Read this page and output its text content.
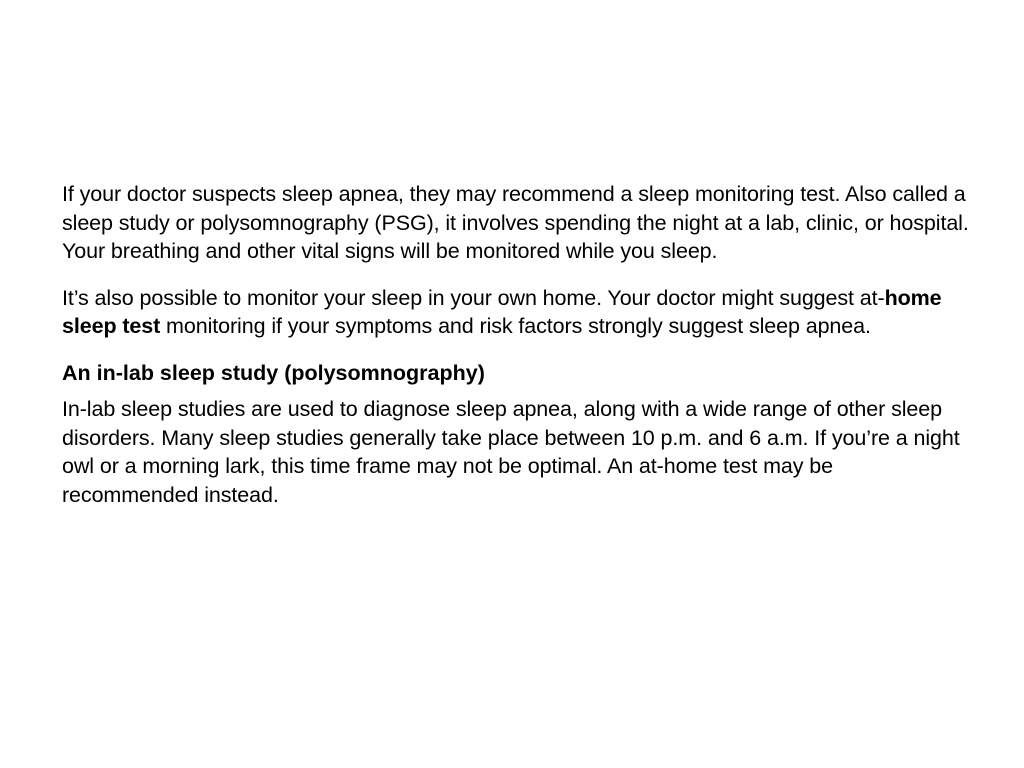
If your doctor suspects sleep apnea, they may recommend a sleep monitoring test. Also called a sleep study or polysomnography (PSG), it involves spending the night at a lab, clinic, or hospital. Your breathing and other vital signs will be monitored while you sleep.

It’s also possible to monitor your sleep in your own home. Your doctor might suggest at-home sleep test monitoring if your symptoms and risk factors strongly suggest sleep apnea.

An in-lab sleep study (polysomnography)

In-lab sleep studies are used to diagnose sleep apnea, along with a wide range of other sleep disorders. Many sleep studies generally take place between 10 p.m. and 6 a.m. If you’re a night owl or a morning lark, this time frame may not be optimal. An at-home test may be recommended instead.
